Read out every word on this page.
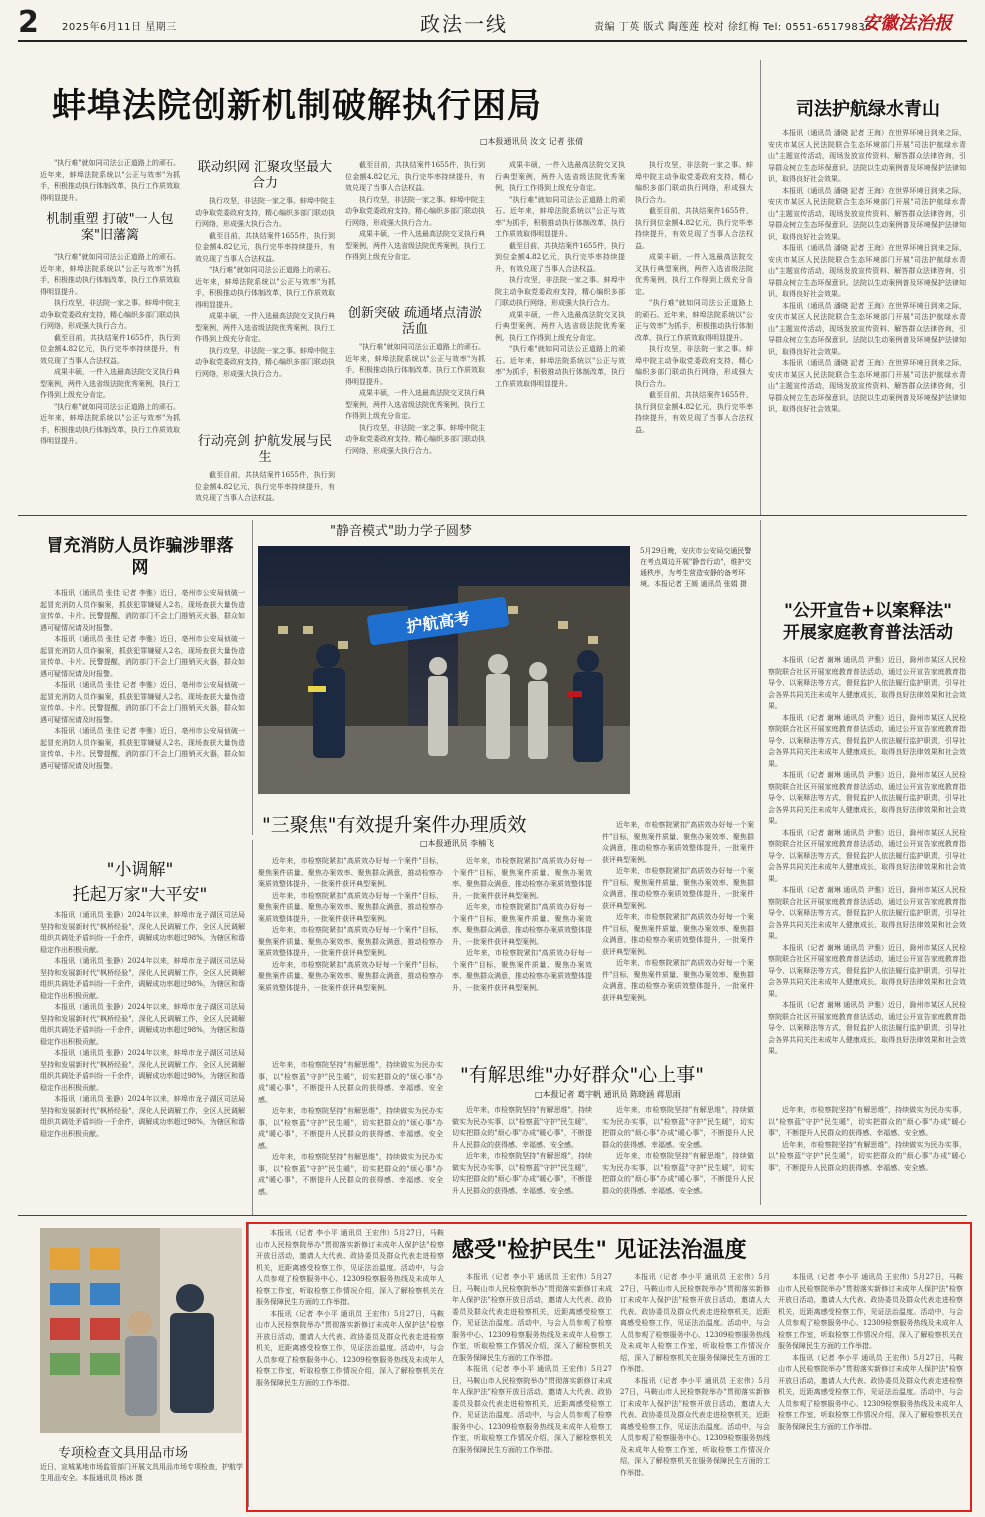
2 2025年6月11日 星期三	政法一线	责编 丁英 版式 陶莲莲 校对 徐红梅 Tel: 0551-65179836
安徽法治报
蚌埠法院创新机制破解执行困局
□本报通讯员 汝文 记者 张倩

"执行难"就如同司法公正道路上的顽石。近年来，蚌埠法院系统以"公正与效率"为抓手，积极推动执行体制改革，执行工作质效取得明显提升。

机制重塑 打破"一人包案"旧藩篱

"执行难"就如同司法公正道路上的顽石。近年来，蚌埠法院系统以"公正与效率"为抓手，积极推动执行体制改革，执行工作质效取得明显提升。

执行攻坚，非法院一家之事。蚌埠中院主动争取党委政府支持，精心编织多部门联动执行网络，形成强大执行合力。

截至目前，共执结案件1655件，执行到位金额4.82亿元，执行完毕率持续提升，有效兑现了当事人合法权益。

成果丰硕，一件入选最高法院交叉执行典型案例，两件入选省级法院优秀案例，执行工作得到上级充分肯定。

"执行难"就如同司法公正道路上的顽石。近年来，蚌埠法院系统以"公正与效率"为抓手，积极推动执行体制改革，执行工作质效取得明显提升。

联动织网 汇聚攻坚最大合力

执行攻坚，非法院一家之事。蚌埠中院主动争取党委政府支持，精心编织多部门联动执行网络，形成强大执行合力。

截至目前，共执结案件1655件，执行到位金额4.82亿元，执行完毕率持续提升，有效兑现了当事人合法权益。

"执行难"就如同司法公正道路上的顽石。近年来，蚌埠法院系统以"公正与效率"为抓手，积极推动执行体制改革，执行工作质效取得明显提升。

成果丰硕，一件入选最高法院交叉执行典型案例，两件入选省级法院优秀案例，执行工作得到上级充分肯定。

执行攻坚，非法院一家之事。蚌埠中院主动争取党委政府支持，精心编织多部门联动执行网络，形成强大执行合力。

行动亮剑 护航发展与民生

截至目前，共执结案件1655件，执行到位金额4.82亿元，执行完毕率持续提升，有效兑现了当事人合法权益。

截至目前，共执结案件1655件，执行到位金额4.82亿元，执行完毕率持续提升，有效兑现了当事人合法权益。

执行攻坚，非法院一家之事。蚌埠中院主动争取党委政府支持，精心编织多部门联动执行网络，形成强大执行合力。

成果丰硕，一件入选最高法院交叉执行典型案例，两件入选省级法院优秀案例，执行工作得到上级充分肯定。

创新突破 疏通堵点清淤活血

"执行难"就如同司法公正道路上的顽石。近年来，蚌埠法院系统以"公正与效率"为抓手，积极推动执行体制改革，执行工作质效取得明显提升。

成果丰硕，一件入选最高法院交叉执行典型案例，两件入选省级法院优秀案例，执行工作得到上级充分肯定。

执行攻坚，非法院一家之事。蚌埠中院主动争取党委政府支持，精心编织多部门联动执行网络，形成强大执行合力。

成果丰硕，一件入选最高法院交叉执行典型案例，两件入选省级法院优秀案例，执行工作得到上级充分肯定。

"执行难"就如同司法公正道路上的顽石。近年来，蚌埠法院系统以"公正与效率"为抓手，积极推动执行体制改革，执行工作质效取得明显提升。

截至目前，共执结案件1655件，执行到位金额4.82亿元，执行完毕率持续提升，有效兑现了当事人合法权益。

执行攻坚，非法院一家之事。蚌埠中院主动争取党委政府支持，精心编织多部门联动执行网络，形成强大执行合力。

成果丰硕，一件入选最高法院交叉执行典型案例，两件入选省级法院优秀案例，执行工作得到上级充分肯定。

"执行难"就如同司法公正道路上的顽石。近年来，蚌埠法院系统以"公正与效率"为抓手，积极推动执行体制改革，执行工作质效取得明显提升。

执行攻坚，非法院一家之事。蚌埠中院主动争取党委政府支持，精心编织多部门联动执行网络，形成强大执行合力。

截至目前，共执结案件1655件，执行到位金额4.82亿元，执行完毕率持续提升，有效兑现了当事人合法权益。

成果丰硕，一件入选最高法院交叉执行典型案例，两件入选省级法院优秀案例，执行工作得到上级充分肯定。

"执行难"就如同司法公正道路上的顽石。近年来，蚌埠法院系统以"公正与效率"为抓手，积极推动执行体制改革，执行工作质效取得明显提升。

执行攻坚，非法院一家之事。蚌埠中院主动争取党委政府支持，精心编织多部门联动执行网络，形成强大执行合力。

截至目前，共执结案件1655件，执行到位金额4.82亿元，执行完毕率持续提升，有效兑现了当事人合法权益。

司法护航绿水青山

本报讯（通讯员 潘晓 記者 王海）在世界环境日到来之际，安庆市某区人民法院联合生态环境部门开展"司法护航绿水青山"主题宣传活动，现场发放宣传资料、解答群众法律咨询，引导群众树立生态环保意识。法院以生动案例普及环境保护法律知识，取得良好社会效果。

本报讯（通讯员 潘晓 記者 王海）在世界环境日到来之际，安庆市某区人民法院联合生态环境部门开展"司法护航绿水青山"主题宣传活动，现场发放宣传资料、解答群众法律咨询，引导群众树立生态环保意识。法院以生动案例普及环境保护法律知识，取得良好社会效果。

本报讯（通讯员 潘晓 記者 王海）在世界环境日到来之际，安庆市某区人民法院联合生态环境部门开展"司法护航绿水青山"主题宣传活动，现场发放宣传资料、解答群众法律咨询，引导群众树立生态环保意识。法院以生动案例普及环境保护法律知识，取得良好社会效果。

本报讯（通讯员 潘晓 記者 王海）在世界环境日到来之际，安庆市某区人民法院联合生态环境部门开展"司法护航绿水青山"主题宣传活动，现场发放宣传资料、解答群众法律咨询，引导群众树立生态环保意识。法院以生动案例普及环境保护法律知识，取得良好社会效果。

本报讯（通讯员 潘晓 記者 王海）在世界环境日到来之际，安庆市某区人民法院联合生态环境部门开展"司法护航绿水青山"主题宣传活动，现场发放宣传资料、解答群众法律咨询，引导群众树立生态环保意识。法院以生动案例普及环境保护法律知识，取得良好社会效果。

冒充消防人员诈骗涉罪落网

本报讯（通讯员 张佳 记者 李雅）近日，亳州市公安局侦破一起冒充消防人员诈骗案，抓获犯罪嫌疑人2名，现场查获大量伪造宣传单、卡片。民警提醒，消防部门不会上门推销灭火器，群众如遇可疑情况请及时报警。

本报讯（通讯员 张佳 记者 李雅）近日，亳州市公安局侦破一起冒充消防人员诈骗案，抓获犯罪嫌疑人2名，现场查获大量伪造宣传单、卡片。民警提醒，消防部门不会上门推销灭火器，群众如遇可疑情况请及时报警。

本报讯（通讯员 张佳 记者 李雅）近日，亳州市公安局侦破一起冒充消防人员诈骗案，抓获犯罪嫌疑人2名，现场查获大量伪造宣传单、卡片。民警提醒，消防部门不会上门推销灭火器，群众如遇可疑情况请及时报警。

本报讯（通讯员 张佳 记者 李雅）近日，亳州市公安局侦破一起冒充消防人员诈骗案，抓获犯罪嫌疑人2名，现场查获大量伪造宣传单、卡片。民警提醒，消防部门不会上门推销灭火器，群众如遇可疑情况请及时报警。

"静音模式"助力学子圆梦
护航高考
5月29日晚，安庆市公安局交通民警在考点周边开展"静音行动"，维护交通秩序，为考生营造安静的备考环境。本报记者 王媛 通讯员 张娟 摄
"公开宣告+以案释法"
开展家庭教育普法活动

本报讯（记者 谢琳 通讯员 尹雅）近日，滁州市某区人民检察院联合社区开展家庭教育普法活动，通过公开宣告家庭教育指导令、以案释法等方式，督促监护人依法履行监护职责，引导社会各界共同关注未成年人健康成长，取得良好法律效果和社会效果。

本报讯（记者 谢琳 通讯员 尹雅）近日，滁州市某区人民检察院联合社区开展家庭教育普法活动，通过公开宣告家庭教育指导令、以案释法等方式，督促监护人依法履行监护职责，引导社会各界共同关注未成年人健康成长，取得良好法律效果和社会效果。

本报讯（记者 谢琳 通讯员 尹雅）近日，滁州市某区人民检察院联合社区开展家庭教育普法活动，通过公开宣告家庭教育指导令、以案释法等方式，督促监护人依法履行监护职责，引导社会各界共同关注未成年人健康成长，取得良好法律效果和社会效果。

本报讯（记者 谢琳 通讯员 尹雅）近日，滁州市某区人民检察院联合社区开展家庭教育普法活动，通过公开宣告家庭教育指导令、以案释法等方式，督促监护人依法履行监护职责，引导社会各界共同关注未成年人健康成长，取得良好法律效果和社会效果。

本报讯（记者 谢琳 通讯员 尹雅）近日，滁州市某区人民检察院联合社区开展家庭教育普法活动，通过公开宣告家庭教育指导令、以案释法等方式，督促监护人依法履行监护职责，引导社会各界共同关注未成年人健康成长，取得良好法律效果和社会效果。

本报讯（记者 谢琳 通讯员 尹雅）近日，滁州市某区人民检察院联合社区开展家庭教育普法活动，通过公开宣告家庭教育指导令、以案释法等方式，督促监护人依法履行监护职责，引导社会各界共同关注未成年人健康成长，取得良好法律效果和社会效果。

本报讯（记者 谢琳 通讯员 尹雅）近日，滁州市某区人民检察院联合社区开展家庭教育普法活动，通过公开宣告家庭教育指导令、以案释法等方式，督促监护人依法履行监护职责，引导社会各界共同关注未成年人健康成长，取得良好法律效果和社会效果。

"三聚焦"有效提升案件办理质效
□本报通讯员 李楠飞

近年来，市检察院紧扣"高质效办好每一个案件"目标，聚焦案件质量、聚焦办案效率、聚焦群众满意，推动检察办案质效整体提升，一批案件获评典型案例。

近年来，市检察院紧扣"高质效办好每一个案件"目标，聚焦案件质量、聚焦办案效率、聚焦群众满意，推动检察办案质效整体提升，一批案件获评典型案例。

近年来，市检察院紧扣"高质效办好每一个案件"目标，聚焦案件质量、聚焦办案效率、聚焦群众满意，推动检察办案质效整体提升，一批案件获评典型案例。

近年来，市检察院紧扣"高质效办好每一个案件"目标，聚焦案件质量、聚焦办案效率、聚焦群众满意，推动检察办案质效整体提升，一批案件获评典型案例。

近年来，市检察院紧扣"高质效办好每一个案件"目标，聚焦案件质量、聚焦办案效率、聚焦群众满意，推动检察办案质效整体提升，一批案件获评典型案例。

近年来，市检察院紧扣"高质效办好每一个案件"目标，聚焦案件质量、聚焦办案效率、聚焦群众满意，推动检察办案质效整体提升，一批案件获评典型案例。

近年来，市检察院紧扣"高质效办好每一个案件"目标，聚焦案件质量、聚焦办案效率、聚焦群众满意，推动检察办案质效整体提升，一批案件获评典型案例。

近年来，市检察院紧扣"高质效办好每一个案件"目标，聚焦案件质量、聚焦办案效率、聚焦群众满意，推动检察办案质效整体提升，一批案件获评典型案例。

近年来，市检察院紧扣"高质效办好每一个案件"目标，聚焦案件质量、聚焦办案效率、聚焦群众满意，推动检察办案质效整体提升，一批案件获评典型案例。

近年来，市检察院紧扣"高质效办好每一个案件"目标，聚焦案件质量、聚焦办案效率、聚焦群众满意，推动检察办案质效整体提升，一批案件获评典型案例。

近年来，市检察院紧扣"高质效办好每一个案件"目标，聚焦案件质量、聚焦办案效率、聚焦群众满意，推动检察办案质效整体提升，一批案件获评典型案例。

"小调解"
托起万家"大平安"

本报讯（通讯员 张静）2024年以来，蚌埠市龙子湖区司法局坚持和发展新时代"枫桥经验"，深化人民调解工作，全区人民调解组织共调处矛盾纠纷一千余件，调解成功率超过98%，为辖区和谐稳定作出积极贡献。

本报讯（通讯员 张静）2024年以来，蚌埠市龙子湖区司法局坚持和发展新时代"枫桥经验"，深化人民调解工作，全区人民调解组织共调处矛盾纠纷一千余件，调解成功率超过98%，为辖区和谐稳定作出积极贡献。

本报讯（通讯员 张静）2024年以来，蚌埠市龙子湖区司法局坚持和发展新时代"枫桥经验"，深化人民调解工作，全区人民调解组织共调处矛盾纠纷一千余件，调解成功率超过98%，为辖区和谐稳定作出积极贡献。

本报讯（通讯员 张静）2024年以来，蚌埠市龙子湖区司法局坚持和发展新时代"枫桥经验"，深化人民调解工作，全区人民调解组织共调处矛盾纠纷一千余件，调解成功率超过98%，为辖区和谐稳定作出积极贡献。

本报讯（通讯员 张静）2024年以来，蚌埠市龙子湖区司法局坚持和发展新时代"枫桥经验"，深化人民调解工作，全区人民调解组织共调处矛盾纠纷一千余件，调解成功率超过98%，为辖区和谐稳定作出积极贡献。

"有解思维"办好群众"心上事"
□本报记者 葛宇帆 通讯员 陈晓涵 蒋思雨

近年来，市检察院坚持"有解思维"，持续做实为民办实事，以"检察蓝"守护"民生暖"，切实把群众的"烦心事"办成"暖心事"，不断提升人民群众的获得感、幸福感、安全感。

近年来，市检察院坚持"有解思维"，持续做实为民办实事，以"检察蓝"守护"民生暖"，切实把群众的"烦心事"办成"暖心事"，不断提升人民群众的获得感、幸福感、安全感。

近年来，市检察院坚持"有解思维"，持续做实为民办实事，以"检察蓝"守护"民生暖"，切实把群众的"烦心事"办成"暖心事"，不断提升人民群众的获得感、幸福感、安全感。

近年来，市检察院坚持"有解思维"，持续做实为民办实事，以"检察蓝"守护"民生暖"，切实把群众的"烦心事"办成"暖心事"，不断提升人民群众的获得感、幸福感、安全感。

近年来，市检察院坚持"有解思维"，持续做实为民办实事，以"检察蓝"守护"民生暖"，切实把群众的"烦心事"办成"暖心事"，不断提升人民群众的获得感、幸福感、安全感。

近年来，市检察院坚持"有解思维"，持续做实为民办实事，以"检察蓝"守护"民生暖"，切实把群众的"烦心事"办成"暖心事"，不断提升人民群众的获得感、幸福感、安全感。

近年来，市检察院坚持"有解思维"，持续做实为民办实事，以"检察蓝"守护"民生暖"，切实把群众的"烦心事"办成"暖心事"，不断提升人民群众的获得感、幸福感、安全感。

近年来，市检察院坚持"有解思维"，持续做实为民办实事，以"检察蓝"守护"民生暖"，切实把群众的"烦心事"办成"暖心事"，不断提升人民群众的获得感、幸福感、安全感。

近年来，市检察院坚持"有解思维"，持续做实为民办实事，以"检察蓝"守护"民生暖"，切实把群众的"烦心事"办成"暖心事"，不断提升人民群众的获得感、幸福感、安全感。

专项检查文具用品市场
近日，宣城某地市场监管部门开展文具用品市场专项检查，护航学生用品安全。本报通讯员 杨冰 摄
感受"检护民生" 见证法治温度

本报讯（记者 李小平 通讯员 王宏伟）5月27日，马鞍山市人民检察院举办"贯彻落实新修订未成年人保护法"检察开放日活动，邀请人大代表、政协委员及群众代表走进检察机关，近距离感受检察工作，见证法治温度。活动中，与会人员参观了检察服务中心、12309检察服务热线及未成年人检察工作室，听取检察工作情况介绍，深入了解检察机关在服务保障民生方面的工作举措。

本报讯（记者 李小平 通讯员 王宏伟）5月27日，马鞍山市人民检察院举办"贯彻落实新修订未成年人保护法"检察开放日活动，邀请人大代表、政协委员及群众代表走进检察机关，近距离感受检察工作，见证法治温度。活动中，与会人员参观了检察服务中心、12309检察服务热线及未成年人检察工作室，听取检察工作情况介绍，深入了解检察机关在服务保障民生方面的工作举措。

本报讯（记者 李小平 通讯员 王宏伟）5月27日，马鞍山市人民检察院举办"贯彻落实新修订未成年人保护法"检察开放日活动，邀请人大代表、政协委员及群众代表走进检察机关，近距离感受检察工作，见证法治温度。活动中，与会人员参观了检察服务中心、12309检察服务热线及未成年人检察工作室，听取检察工作情况介绍，深入了解检察机关在服务保障民生方面的工作举措。

本报讯（记者 李小平 通讯员 王宏伟）5月27日，马鞍山市人民检察院举办"贯彻落实新修订未成年人保护法"检察开放日活动，邀请人大代表、政协委员及群众代表走进检察机关，近距离感受检察工作，见证法治温度。活动中，与会人员参观了检察服务中心、12309检察服务热线及未成年人检察工作室，听取检察工作情况介绍，深入了解检察机关在服务保障民生方面的工作举措。

本报讯（记者 李小平 通讯员 王宏伟）5月27日，马鞍山市人民检察院举办"贯彻落实新修订未成年人保护法"检察开放日活动，邀请人大代表、政协委员及群众代表走进检察机关，近距离感受检察工作，见证法治温度。活动中，与会人员参观了检察服务中心、12309检察服务热线及未成年人检察工作室，听取检察工作情况介绍，深入了解检察机关在服务保障民生方面的工作举措。

本报讯（记者 李小平 通讯员 王宏伟）5月27日，马鞍山市人民检察院举办"贯彻落实新修订未成年人保护法"检察开放日活动，邀请人大代表、政协委员及群众代表走进检察机关，近距离感受检察工作，见证法治温度。活动中，与会人员参观了检察服务中心、12309检察服务热线及未成年人检察工作室，听取检察工作情况介绍，深入了解检察机关在服务保障民生方面的工作举措。

本报讯（记者 李小平 通讯员 王宏伟）5月27日，马鞍山市人民检察院举办"贯彻落实新修订未成年人保护法"检察开放日活动，邀请人大代表、政协委员及群众代表走进检察机关，近距离感受检察工作，见证法治温度。活动中，与会人员参观了检察服务中心、12309检察服务热线及未成年人检察工作室，听取检察工作情况介绍，深入了解检察机关在服务保障民生方面的工作举措。

本报讯（记者 李小平 通讯员 王宏伟）5月27日，马鞍山市人民检察院举办"贯彻落实新修订未成年人保护法"检察开放日活动，邀请人大代表、政协委员及群众代表走进检察机关，近距离感受检察工作，见证法治温度。活动中，与会人员参观了检察服务中心、12309检察服务热线及未成年人检察工作室，听取检察工作情况介绍，深入了解检察机关在服务保障民生方面的工作举措。
